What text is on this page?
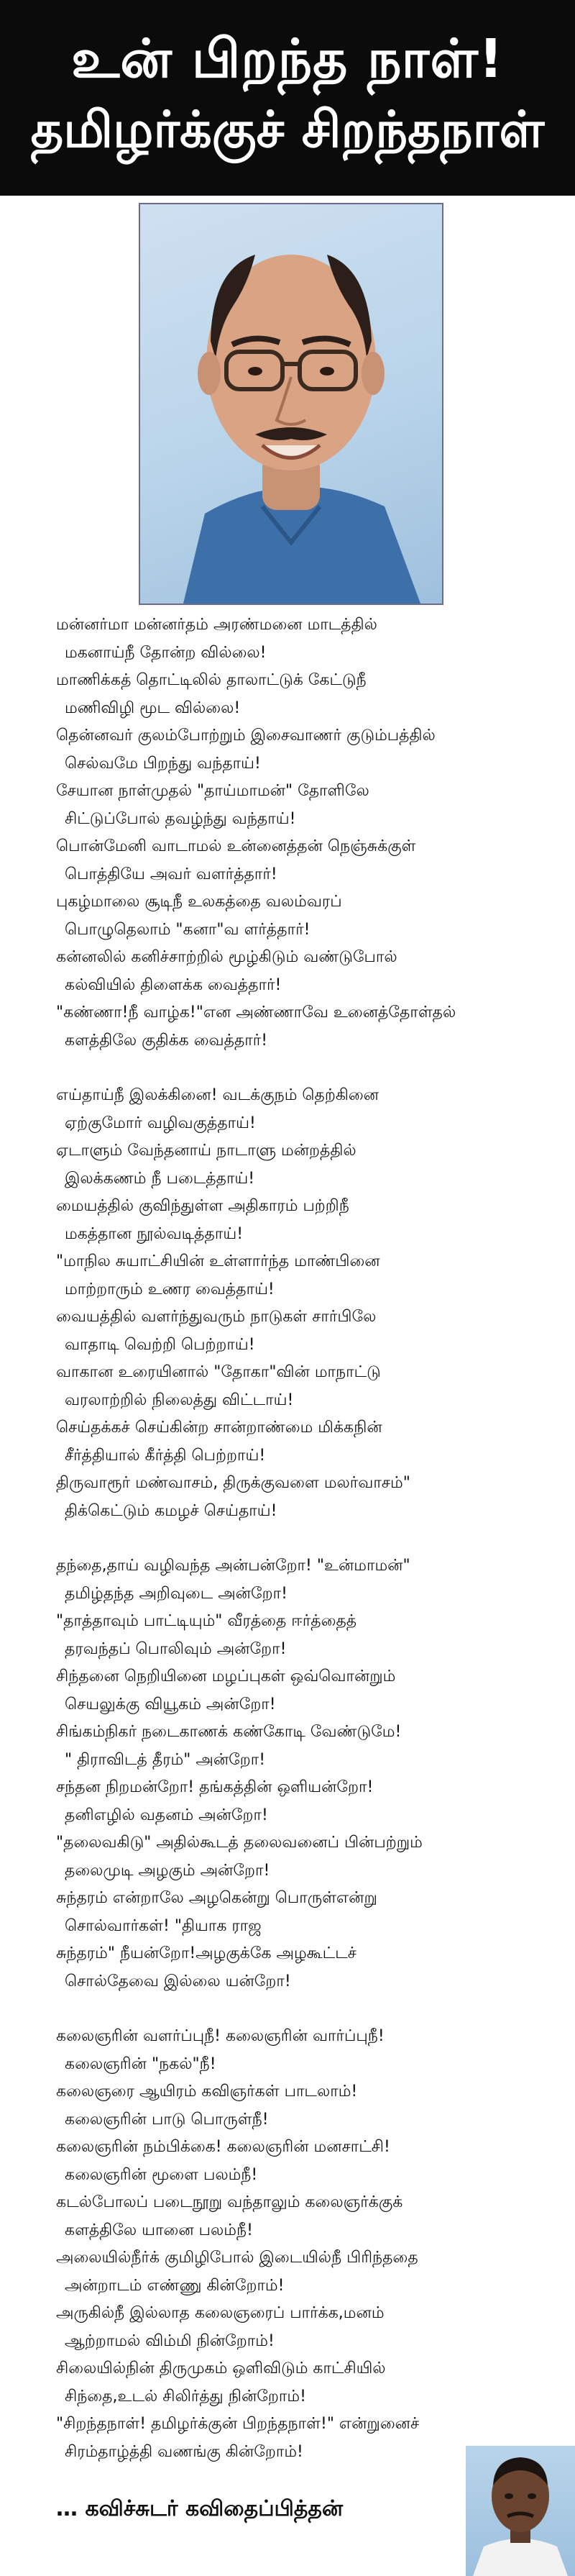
உன் பிறந்த நாள்!
தமிழர்க்குச் சிறந்தநாள்
மன்னர்மா மன்னர்தம் அரண்மனை மாடத்தில்
மகனாய்நீ தோன்ற வில்லை!
மாணிக்கத் தொட்டிலில் தாலாட்டுக் கேட்டுநீ
மணிவிழி மூட வில்லை!
தென்னவர் குலம்போற்றும் இசைவாணர் குடும்பத்தில்
செல்வமே பிறந்து வந்தாய்!
சேயான நாள்முதல் "தாய்மாமன்" தோளிலே
சிட்டுப்போல் தவழ்ந்து வந்தாய்!
பொன்மேனி வாடாமல் உன்னைத்தன் நெஞ்சுக்குள்
பொத்தியே அவர் வளர்த்தார்!
புகழ்மாலை சூடிநீ உலகத்தை வலம்வரப்
பொழுதெலாம் "கனா"வ ளர்த்தார்!
கன்னலில் கனிச்சாற்றில் மூழ்கிடும் வண்டுபோல்
கல்வியில் திளைக்க வைத்தார்!
"கண்ணா!நீ வாழ்க!"என அண்ணாவே உனைத்தோள்தல்
களத்திலே குதிக்க வைத்தார்!
எய்தாய்நீ இலக்கினை! வடக்குநம் தெற்கினை
ஏற்குமோர் வழிவகுத்தாய்!
ஏடாளும் வேந்தனாய் நாடாளு மன்றத்தில்
இலக்கணம் நீ படைத்தாய்!
மையத்தில் குவிந்துள்ள அதிகாரம் பற்றிநீ
மகத்தான நூல்வடித்தாய்!
"மாநில சுயாட்சியின் உள்ளார்ந்த மாண்பினை
மாற்றாரும் உணர வைத்தாய்!
வையத்தில் வளர்ந்துவரும் நாடுகள் சார்பிலே
வாதாடி வெற்றி பெற்றாய்!
வாகான உரையினால் "தோகா"வின் மாநாட்டு
வரலாற்றில் நிலைத்து விட்டாய்!
செய்தக்கச் செய்கின்ற சான்றாண்மை மிக்கநின்
சீர்த்தியால் கீர்த்தி பெற்றாய்!
திருவாரூர் மண்வாசம், திருக்குவளை மலர்வாசம்"
திக்கெட்டும் கமழச் செய்தாய்!
தந்தை,தாய் வழிவந்த அன்பன்றோ! "உன்மாமன்"
தமிழ்தந்த அறிவுடை அன்றோ!
"தாத்தாவும் பாட்டியும்" வீரத்தை ஈர்த்தைத்
தரவந்தப் பொலிவும் அன்றோ!
சிந்தனை நெறியினை மழப்புகள் ஒவ்வொன்றும்
செயலுக்கு வியூகம் அன்றோ!
சிங்கம்நிகர் நடைகாணக் கண்கோடி வேண்டுமே!
" திராவிடத் தீரம்" அன்றோ!
சந்தன நிறமன்றோ! தங்கத்தின் ஒளியன்றோ!
தனிஎழில் வதனம் அன்றோ!
"தலைவகிடு" அதில்கூடத் தலைவனைப் பின்பற்றும்
தலைமுடி அழகும் அன்றோ!
சுந்தரம் என்றாலே அழகென்று பொருள்என்று
சொல்வார்கள்! "தியாக ராஜ
சுந்தரம்" நீயன்றோ!அழகுக்கே அழகூட்டச்
சொல்தேவை இல்லை யன்றோ!
கலைஞரின் வளர்ப்புநீ! கலைஞரின் வார்ப்புநீ!
கலைஞரின் "நகல்"நீ!
கலைஞரை ஆயிரம் கவிஞர்கள் பாடலாம்!
கலைஞரின் பாடு பொருள்நீ!
கலைஞரின் நம்பிக்கை! கலைஞரின் மனசாட்சி!
கலைஞரின் மூளை பலம்நீ!
கடல்போலப் படைநூறு வந்தாலும் கலைஞர்க்குக்
களத்திலே யானை பலம்நீ!
அலையில்நீர்க் குமிழிபோல் இடையில்நீ பிரிந்ததை
அன்றாடம் எண்ணு கின்றோம்!
அருகில்நீ இல்லாத கலைஞரைப் பார்க்க,மனம்
ஆற்றாமல் விம்மி நின்றோம்!
சிலையில்நின் திருமுகம் ஒளிவிடும் காட்சியில்
சிந்தை,உடல் சிலிர்த்து நின்றோம்!
"சிறந்தநாள்! தமிழர்க்குன் பிறந்தநாள்!" என்றுனைச்
சிரம்தாழ்த்தி வணங்கு கின்றோம்!
… கவிச்சுடர் கவிதைப்பித்தன்
